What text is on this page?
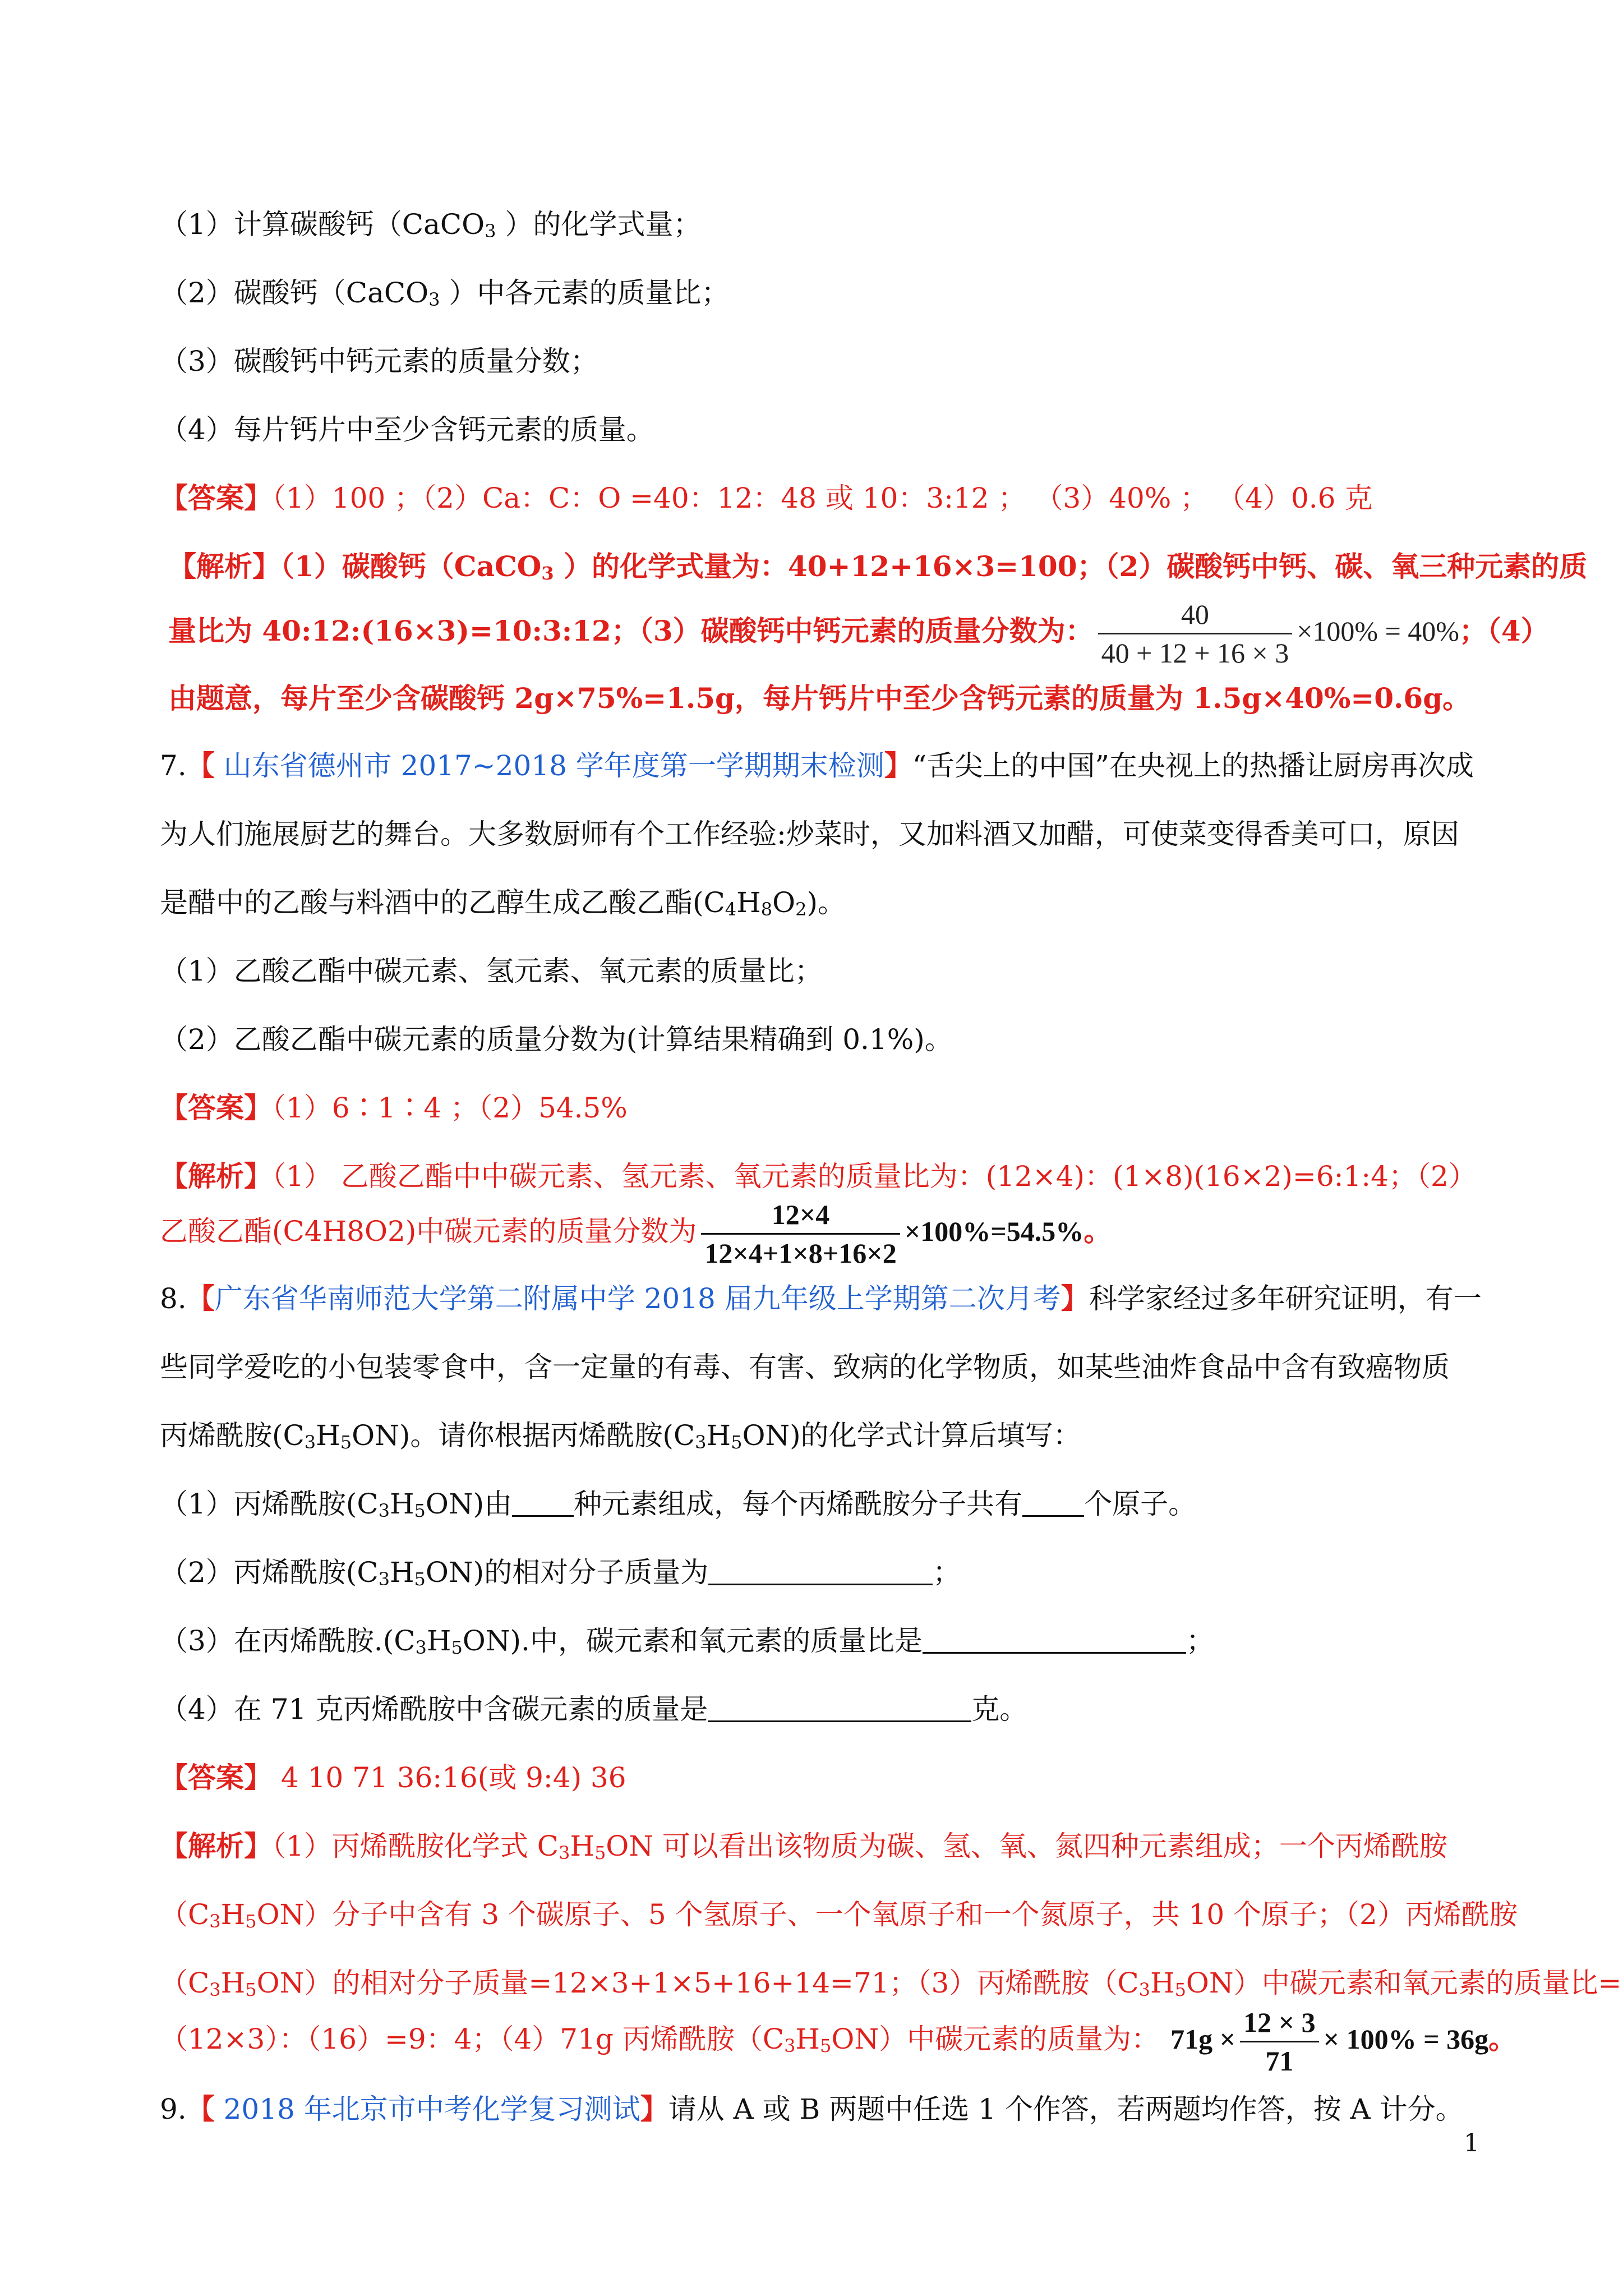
（1）计算碳酸钙（CaCO$_3$ ）的化学式量；
（2）碳酸钙（CaCO$_3$ ）中各元素的质量比；
（3）碳酸钙中钙元素的质量分数；
（4）每片钙片中至少含钙元素的质量。
【答案】（1）100 ；（2）Ca：C：O =40：12：48 或 10：3:12 ； （3）40% ； （4）0.6 克
【解析】（1）碳酸钙（CaCO$_3$ ）的化学式量为：40+12+16×3=100；（2）碳酸钙中钙、碳、氧三种元素的质
量比为 40:12:(16×3)=10:3:12；（3）碳酸钙中钙元素的质量分数为： $\frac{40}{40 + 12 + 16 \times 3} \times 100\% = 40\%$；（4）
由题意，每片至少含碳酸钙 2g×75%=1.5g，每片钙片中至少含钙元素的质量为 1.5g×40%=0.6g。
7.【 山东省德州市 2017~2018 学年度第一学期期末检测】“舌尖上的中国”在央视上的热播让厨房再次成
为人们施展厨艺的舞台。大多数厨师有个工作经验:炒菜时，又加料酒又加醋，可使菜变得香美可口，原因
是醋中的乙酸与料酒中的乙醇生成乙酸乙酯$(C_4H_8O_2)$。
（1）乙酸乙酯中碳元素、氢元素、氧元素的质量比；
（2）乙酸乙酯中碳元素的质量分数为(计算结果精确到 0.1%)。
【答案】（1）6∶1∶4 ；（2）54.5%
【解析】（1） 乙酸乙酯中中碳元素、氢元素、氧元素的质量比为：(12×4)：(1×8)(16×2)=6:1:4；（2）
乙酸乙酯(C4H8O2)中碳元素的质量分数为 $\frac{12\times 4}{12\times 4+1\times 8+16\times 2} \times 100\%=54.5\%$。
8.【广东省华南师范大学第二附属中学 2018 届九年级上学期第二次月考】科学家经过多年研究证明，有一
些同学爱吃的小包装零食中，含一定量的有毒、有害、致病的化学物质，如某些油炸食品中含有致癌物质
丙烯酰胺$(C_3H_5ON)$。请你根据丙烯酰胺$(C_3H_5ON)$的化学式计算后填写：
（1）丙烯酰胺$(C_3H_5ON)$由 种元素组成，每个丙烯酰胺分子共有 个原子。
（2）丙烯酰胺$(C_3H_5ON)$的相对分子质量为	；
（3）在丙烯酰胺$.(C_3H_5ON)$.中，碳元素和氧元素的质量比是	；
（4）在 71 克丙烯酰胺中含碳元素的质量是	克。
【答案】 4 10 71 36:16(或 9:4) 36
【解析】（1）丙烯酰胺化学式 $C_3H_5ON$ 可以看出该物质为碳、氢、氧、氮四种元素组成；一个丙烯酰胺
$(C_3H_5ON)$分子中含有 3 个碳原子、5 个氢原子、一个氧原子和一个氮原子，共 10 个原子；（2）丙烯酰胺
$(C_3H_5ON)$的相对分子质量=12×3+1×5+16+14=71；（3）丙烯酰胺$(C_3H_5ON)$中碳元素和氧元素的质量比=
（12×3）：（16）=9：4；（4）71g 丙烯酰胺$(C_3H_5ON)$中碳元素的质量为： $71g \times \frac{12 \times 3}{71} \times 100\% = 36g$。
9.【 2018 年北京市中考化学复习测试】请从 A 或 B 两题中任选 1 个作答，若两题均作答，按 A 计分。
1
